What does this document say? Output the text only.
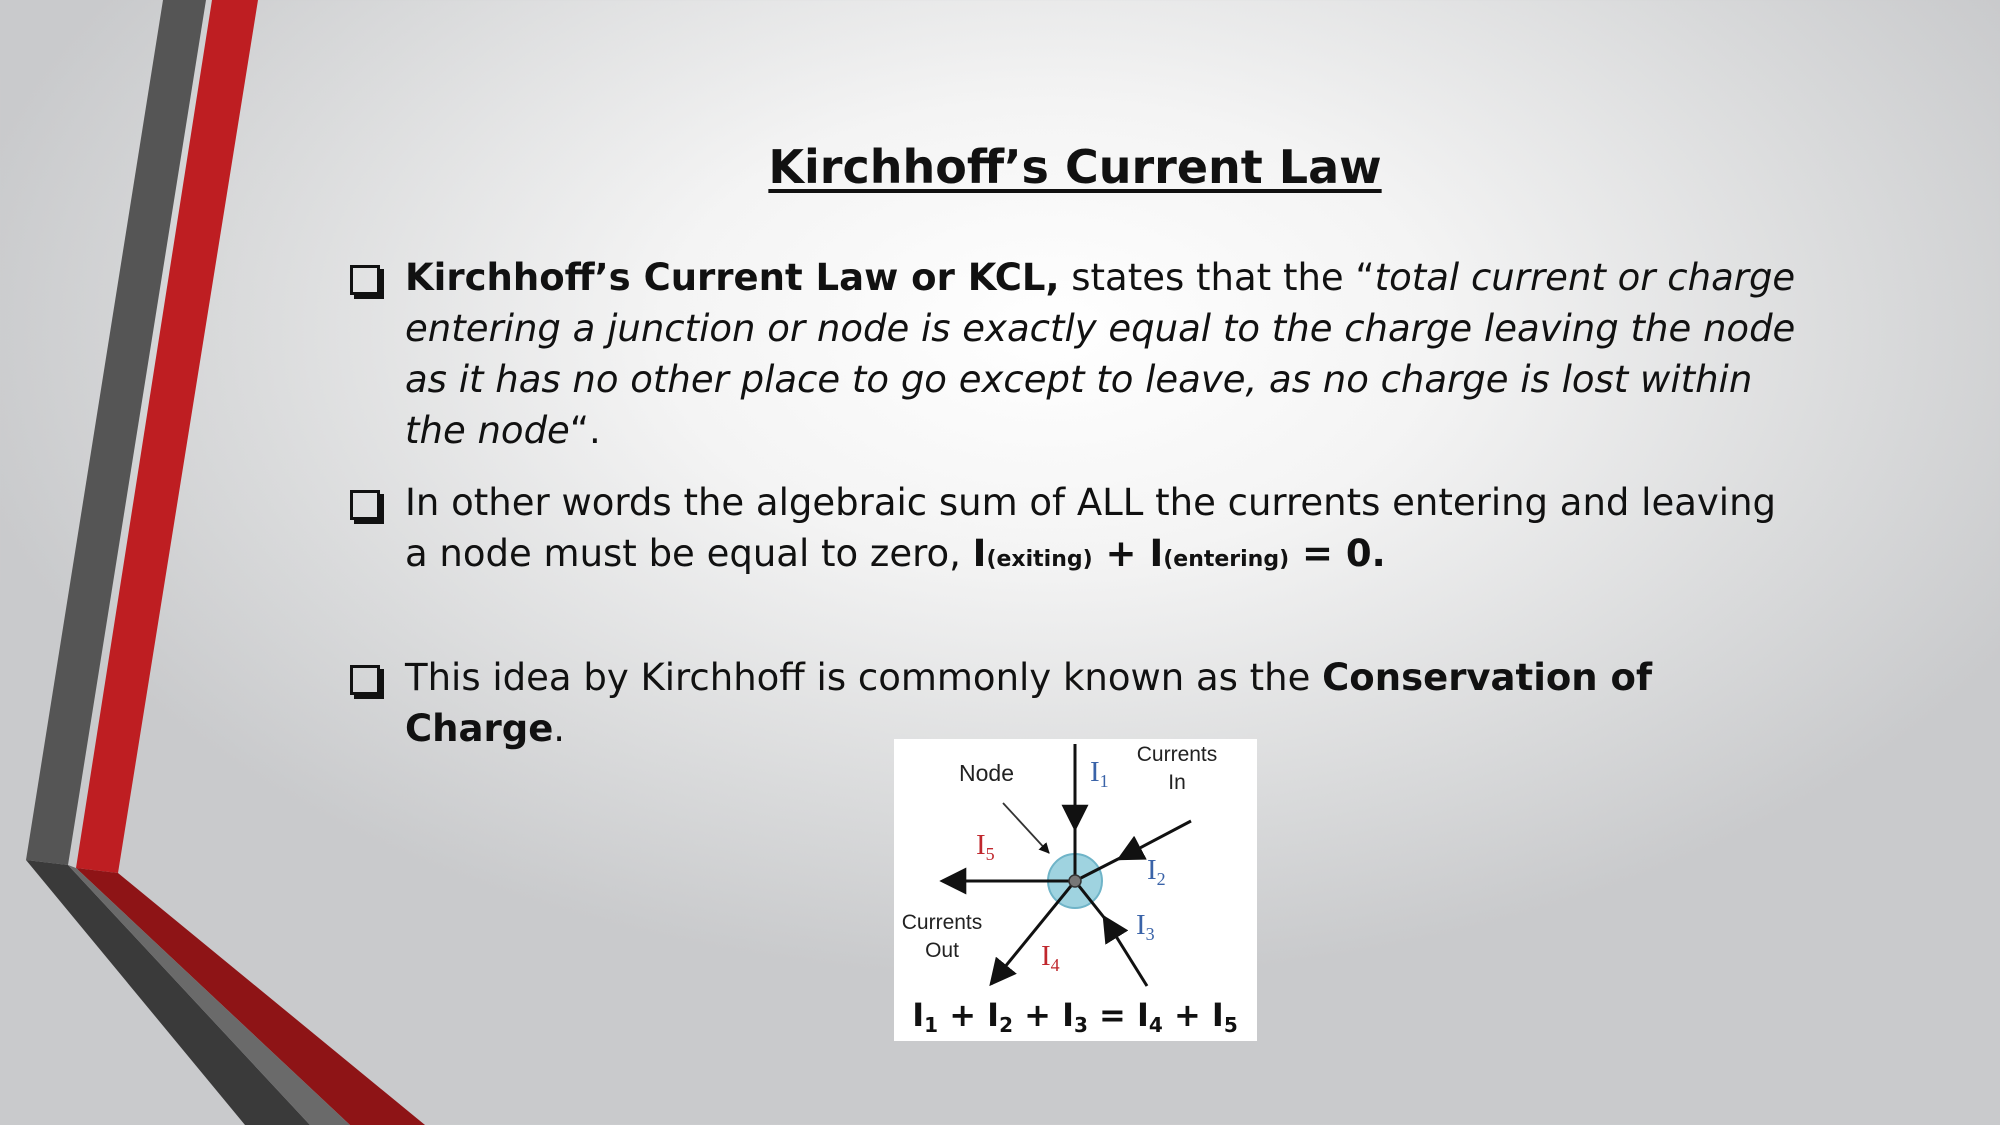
Kirchhoff’s Current Law
Kirchhoff’s Current Law or KCL, states that the “total current or charge entering a junction or node is exactly equal to the charge leaving the node as it has no other place to go except to leave, as no charge is lost within the node“.
In other words the algebraic sum of ALL the currents entering and leaving a node must be equal to zero, I(exiting) + I(entering) = 0.
This idea by Kirchhoff is commonly known as the Conservation of Charge.
Node
Currents
In
Currents
Out
$I_1$
$I_2$
$I_3$
$I_4$
$I_5$
I1 + I2 + I3 = I4 + I5
